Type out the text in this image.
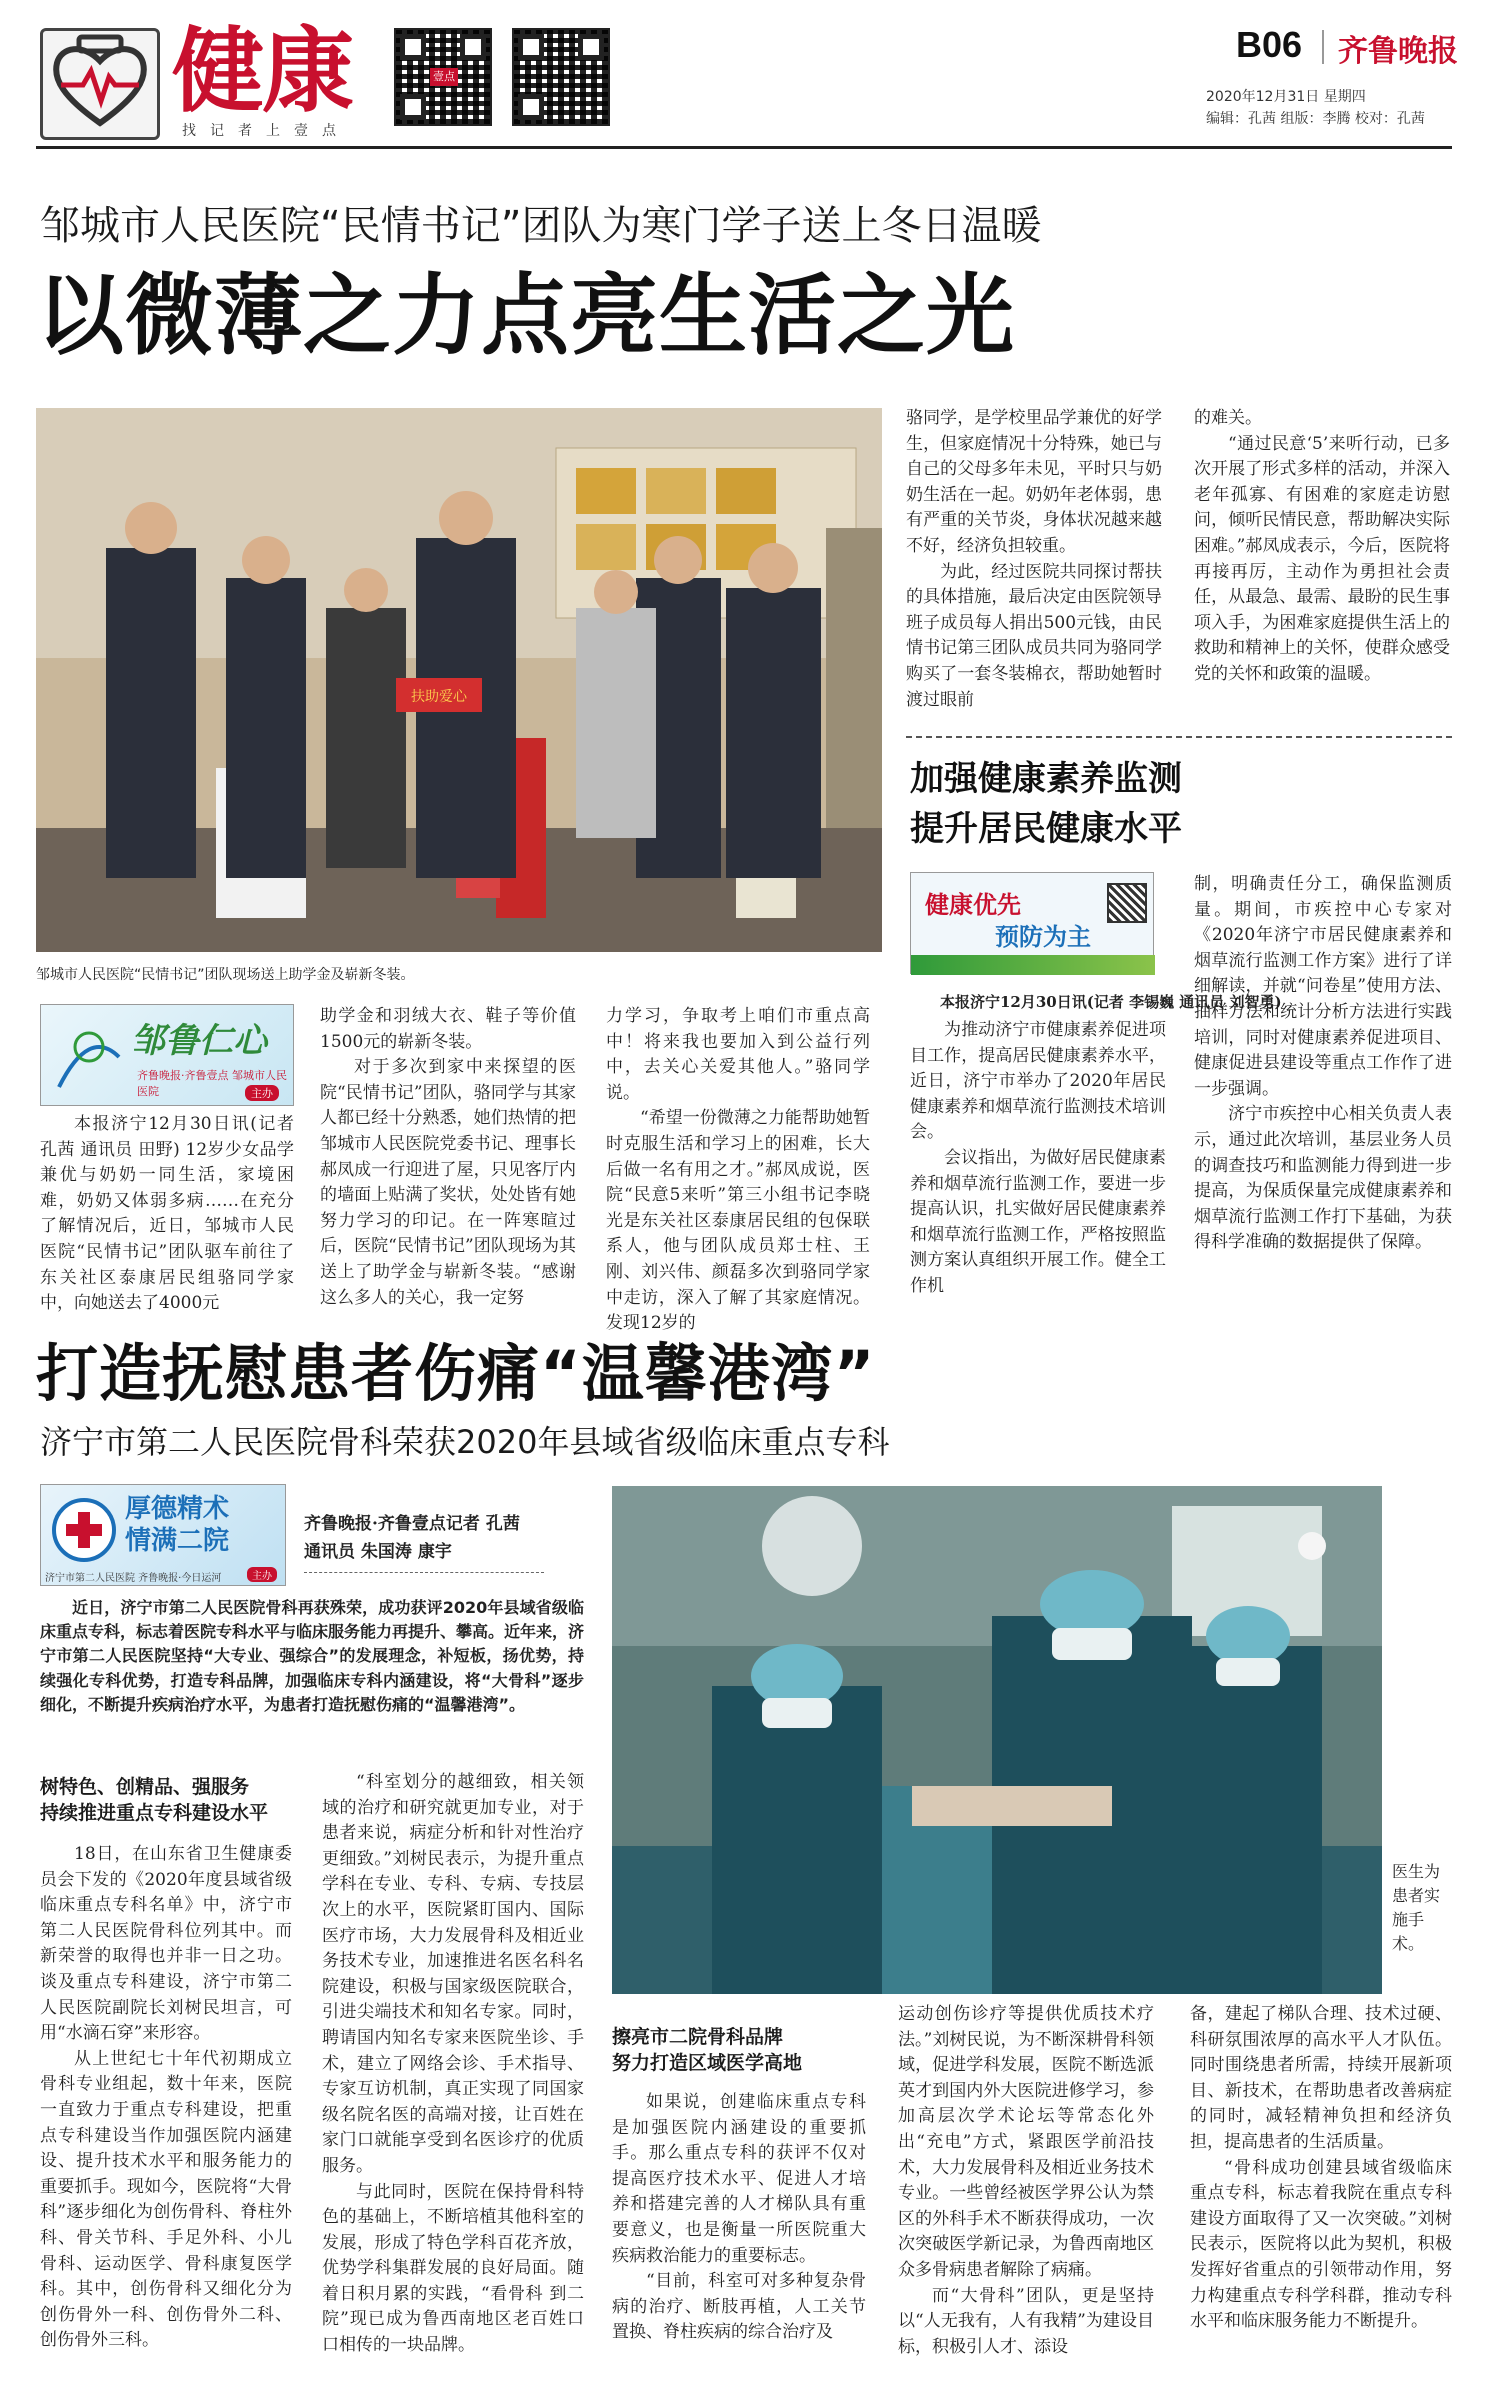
健康
找记者上壹点
壹点
B06 齐鲁晚报
2020年12月31日 星期四
编辑：孔茜 组版：李腾 校对：孔茜
邹城市人民医院“民情书记”团队为寒门学子送上冬日温暖
以微薄之力点亮生活之光
扶助爱心
邹城市人民医院“民情书记”团队现场送上助学金及崭新冬装。

骆同学，是学校里品学兼优的好学生，但家庭情况十分特殊，她已与自己的父母多年未见，平时只与奶奶生活在一起。奶奶年老体弱，患有严重的关节炎，身体状况越来越不好，经济负担较重。

为此，经过医院共同探讨帮扶的具体措施，最后决定由医院领导班子成员每人捐出500元钱，由民情书记第三团队成员共同为骆同学购买了一套冬装棉衣，帮助她暂时渡过眼前

的难关。

“通过民意‘5’来听行动，已多次开展了形式多样的活动，并深入老年孤寡、有困难的家庭走访慰问，倾听民情民意，帮助解决实际困难。”郝凤成表示，今后，医院将再接再厉，主动作为勇担社会责任，从最急、最需、最盼的民生事项入手，为困难家庭提供生活上的救助和精神上的关怀，使群众感受党的关怀和政策的温暖。

邹鲁仁心
齐鲁晚报·齐鲁壹点 邹城市人民医院	主办

本报济宁12月30日讯(记者 孔茜 通讯员 田野) 12岁少女品学兼优与奶奶一同生活，家境困难，奶奶又体弱多病……在充分了解情况后，近日，邹城市人民医院“民情书记”团队驱车前往了东关社区泰康居民组骆同学家中，向她送去了4000元

助学金和羽绒大衣、鞋子等价值1500元的崭新冬装。

对于多次到家中来探望的医院“民情书记”团队，骆同学与其家人都已经十分熟悉，她们热情的把邹城市人民医院党委书记、理事长郝凤成一行迎进了屋，只见客厅内的墙面上贴满了奖状，处处皆有她努力学习的印记。在一阵寒暄过后，医院“民情书记”团队现场为其送上了助学金与崭新冬装。“感谢这么多人的关心，我一定努

力学习，争取考上咱们市重点高中！将来我也要加入到公益行列中，去关心关爱其他人。”骆同学说。

“希望一份微薄之力能帮助她暂时克服生活和学习上的困难，长大后做一名有用之才。”郝凤成说，医院“民意5来听”第三小组书记李晓光是东关社区泰康居民组的包保联系人，他与团队成员郑士柱、王刚、刘兴伟、颜磊多次到骆同学家中走访，深入了解了其家庭情况。发现12岁的

加强健康素养监测
提升居民健康水平
健康优先
预防为主
本报济宁12月30日讯(记者 李锡巍 通讯员 刘智勇)

为推动济宁市健康素养促进项目工作，提高居民健康素养水平，近日，济宁市举办了2020年居民健康素养和烟草流行监测技术培训会。

会议指出，为做好居民健康素养和烟草流行监测工作，要进一步提高认识，扎实做好居民健康素养和烟草流行监测工作，严格按照监测方案认真组织开展工作。健全工作机

制，明确责任分工，确保监测质量。期间，市疾控中心专家对《2020年济宁市居民健康素养和烟草流行监测工作方案》进行了详细解读，并就“问卷星”使用方法、抽样方法和统计分析方法进行实践培训，同时对健康素养促进项目、健康促进县建设等重点工作作了进一步强调。

济宁市疾控中心相关负责人表示，通过此次培训，基层业务人员的调查技巧和监测能力得到进一步提高，为保质保量完成健康素养和烟草流行监测工作打下基础，为获得科学准确的数据提供了保障。

打造抚慰患者伤痛“温馨港湾”
济宁市第二人民医院骨科荣获2020年县域省级临床重点专科
厚德精术 情满二院
济宁市第二人民医院 齐鲁晚报·今日运河	主办
齐鲁晚报·齐鲁壹点记者 孔茜
通讯员 朱国涛 康宇

近日，济宁市第二人民医院骨科再获殊荣，成功获评2020年县域省级临床重点专科，标志着医院专科水平与临床服务能力再提升、攀高。近年来，济宁市第二人民医院坚持“大专业、强综合”的发展理念，补短板，扬优势，持续强化专科优势，打造专科品牌，加强临床专科内涵建设，将“大骨科”逐步细化，不断提升疾病治疗水平，为患者打造抚慰伤痛的“温馨港湾”。

树特色、创精品、强服务
持续推进重点专科建设水平

18日，在山东省卫生健康委员会下发的《2020年度县域省级临床重点专科名单》中，济宁市第二人民医院骨科位列其中。而新荣誉的取得也并非一日之功。谈及重点专科建设，济宁市第二人民医院副院长刘树民坦言，可用“水滴石穿”来形容。

从上世纪七十年代初期成立骨科专业组起，数十年来，医院一直致力于重点专科建设，把重点专科建设当作加强医院内涵建设、提升技术水平和服务能力的重要抓手。现如今，医院将“大骨科”逐步细化为创伤骨科、脊柱外科、骨关节科、手足外科、小儿骨科、运动医学、骨科康复医学科。其中，创伤骨科又细化分为创伤骨外一科、创伤骨外二科、创伤骨外三科。

“科室划分的越细致，相关领域的治疗和研究就更加专业，对于患者来说，病症分析和针对性治疗更细致。”刘树民表示，为提升重点学科在专业、专科、专病、专技层次上的水平，医院紧盯国内、国际医疗市场，大力发展骨科及相近业务技术专业，加速推进名医名科名院建设，积极与国家级医院联合，引进尖端技术和知名专家。同时，聘请国内知名专家来医院坐诊、手术，建立了网络会诊、手术指导、专家互访机制，真正实现了同国家级名院名医的高端对接，让百姓在家门口就能享受到名医诊疗的优质服务。

与此同时，医院在保持骨科特色的基础上，不断培植其他科室的发展，形成了特色学科百花齐放，优势学科集群发展的良好局面。随着日积月累的实践，“看骨科 到二院”现已成为鲁西南地区老百姓口口相传的一块品牌。

医生为患者实施手术。
擦亮市二院骨科品牌
努力打造区域医学高地

如果说，创建临床重点专科是加强医院内涵建设的重要抓手。那么重点专科的获评不仅对提高医疗技术水平、促进人才培养和搭建完善的人才梯队具有重要意义，也是衡量一所医院重大疾病救治能力的重要标志。

“目前，科室可对多种复杂骨病的治疗、断肢再植，人工关节置换、脊柱疾病的综合治疗及

运动创伤诊疗等提供优质技术疗法。”刘树民说，为不断深耕骨科领域，促进学科发展，医院不断选派英才到国内外大医院进修学习，参加高层次学术论坛等常态化外出“充电”方式，紧跟医学前沿技术，大力发展骨科及相近业务技术专业。一些曾经被医学界公认为禁区的外科手术不断获得成功，一次次突破医学新记录，为鲁西南地区众多骨病患者解除了病痛。

而“大骨科”团队，更是坚持以“人无我有，人有我精”为建设目标，积极引人才、添设

备，建起了梯队合理、技术过硬、科研氛围浓厚的高水平人才队伍。同时围绕患者所需，持续开展新项目、新技术，在帮助患者改善病症的同时，减轻精神负担和经济负担，提高患者的生活质量。

“骨科成功创建县域省级临床重点专科，标志着我院在重点专科建设方面取得了又一次突破。”刘树民表示，医院将以此为契机，积极发挥好省重点的引领带动作用，努力构建重点专科学科群，推动专科水平和临床服务能力不断提升。
